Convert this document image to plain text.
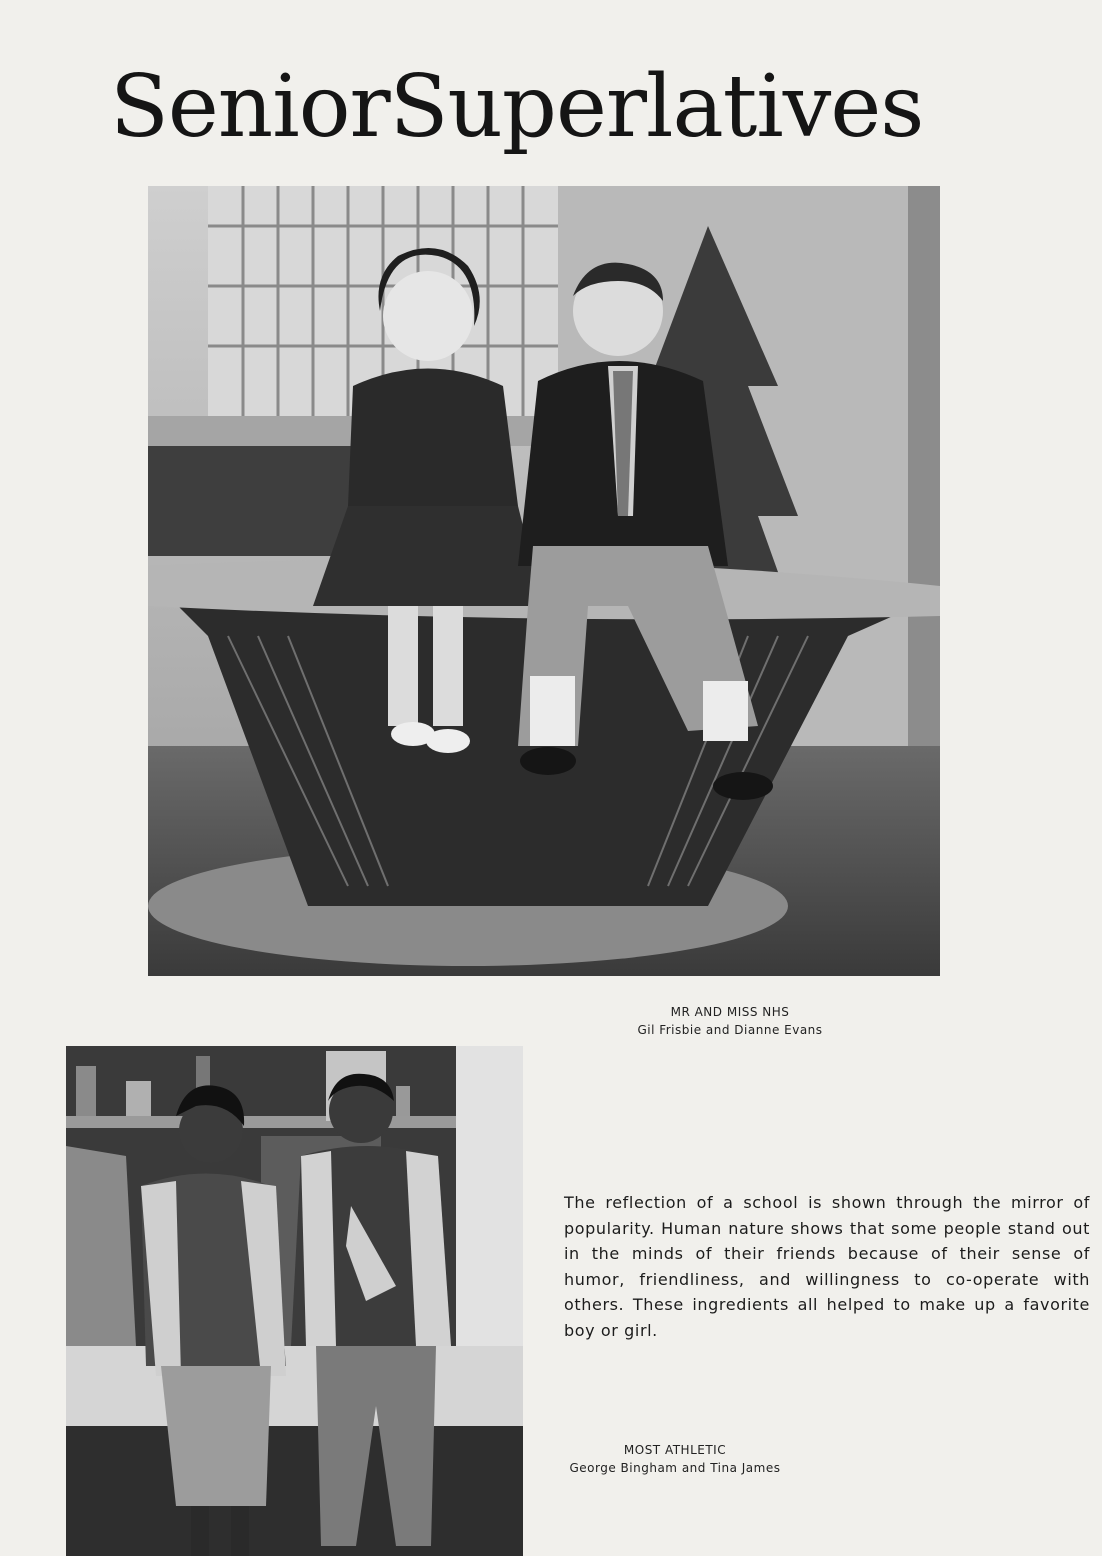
SeniorSuperlatives
MR AND MISS NHS
Gil Frisbie and Dianne Evans

The reflection of a school is shown through the mirror of popularity. Human nature shows that some people stand out in the minds of their friends because of their sense of humor, friendliness, and willingness to co-operate with others. These ingredients all helped to make up a favorite boy or girl.

MOST ATHLETIC
George Bingham and Tina James
